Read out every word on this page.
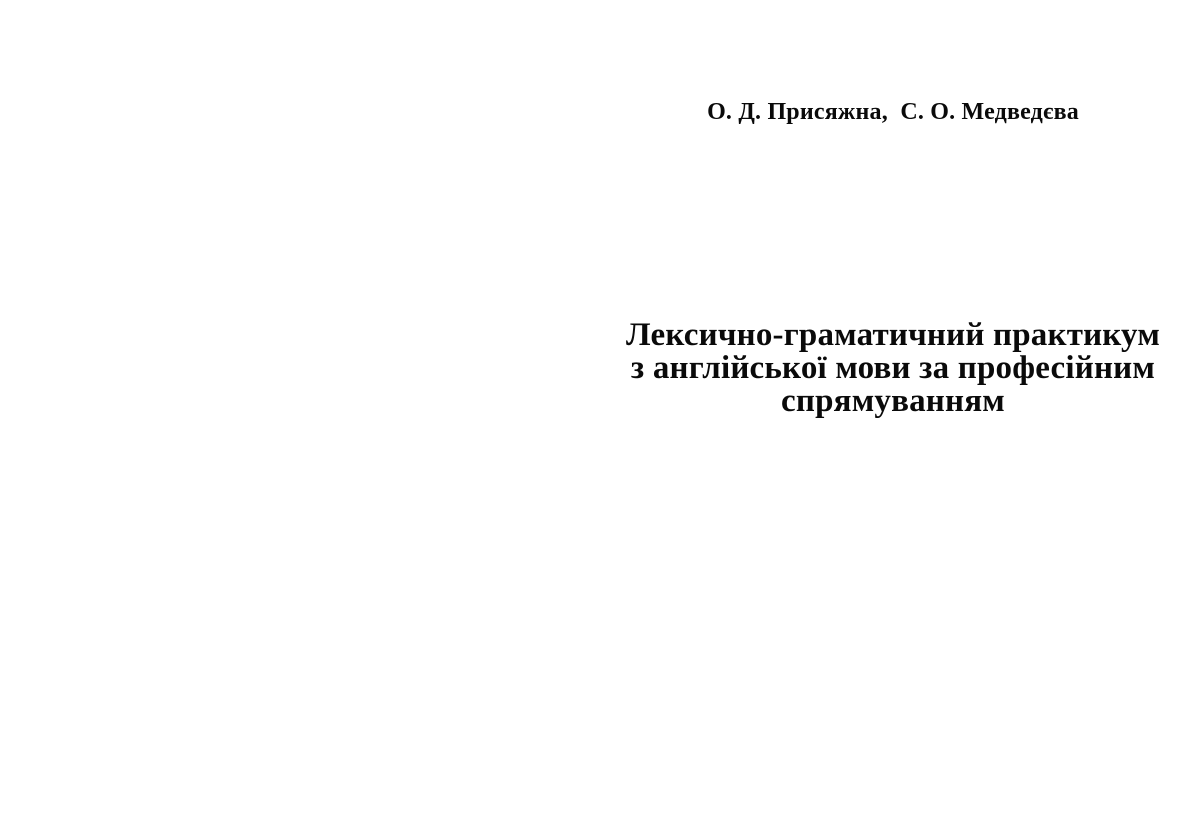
О. Д. Присяжна,  С. О. Медведєва
Лексично-граматичний практикум
з англійської мови за професійним
спрямуванням
